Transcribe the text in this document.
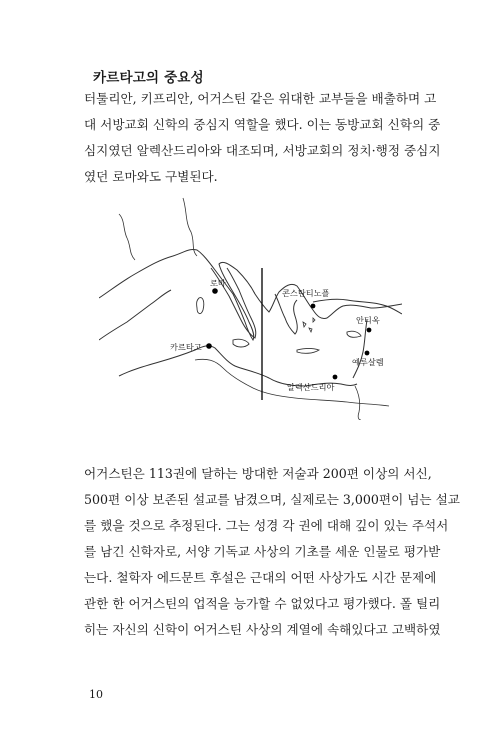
카르타고의 중요성
터툴리안, 키프리안, 어거스틴 같은 위대한 교부들을 배출하며 고
대 서방교회 신학의 중심지 역할을 했다. 이는 동방교회 신학의 중
심지였던 알렉산드리아와 대조되며, 서방교회의 정치·행정 중심지
였던 로마와도 구별된다.
로마
카르타고
콘스탄티노플
안티옥
예루살렘
알렉산드리아
어거스틴은 113권에 달하는 방대한 저술과 200편 이상의 서신,
500편 이상 보존된 설교를 남겼으며, 실제로는 3,000편이 넘는 설교
를 했을 것으로 추정된다. 그는 성경 각 권에 대해 깊이 있는 주석서
를 남긴 신학자로, 서양 기독교 사상의 기초를 세운 인물로 평가받
는다. 철학자 에드문트 후설은 근대의 어떤 사상가도 시간 문제에
관한 한 어거스틴의 업적을 능가할 수 없었다고 평가했다. 폴 틸리
히는 자신의 신학이 어거스틴 사상의 계열에 속해있다고 고백하였
10
